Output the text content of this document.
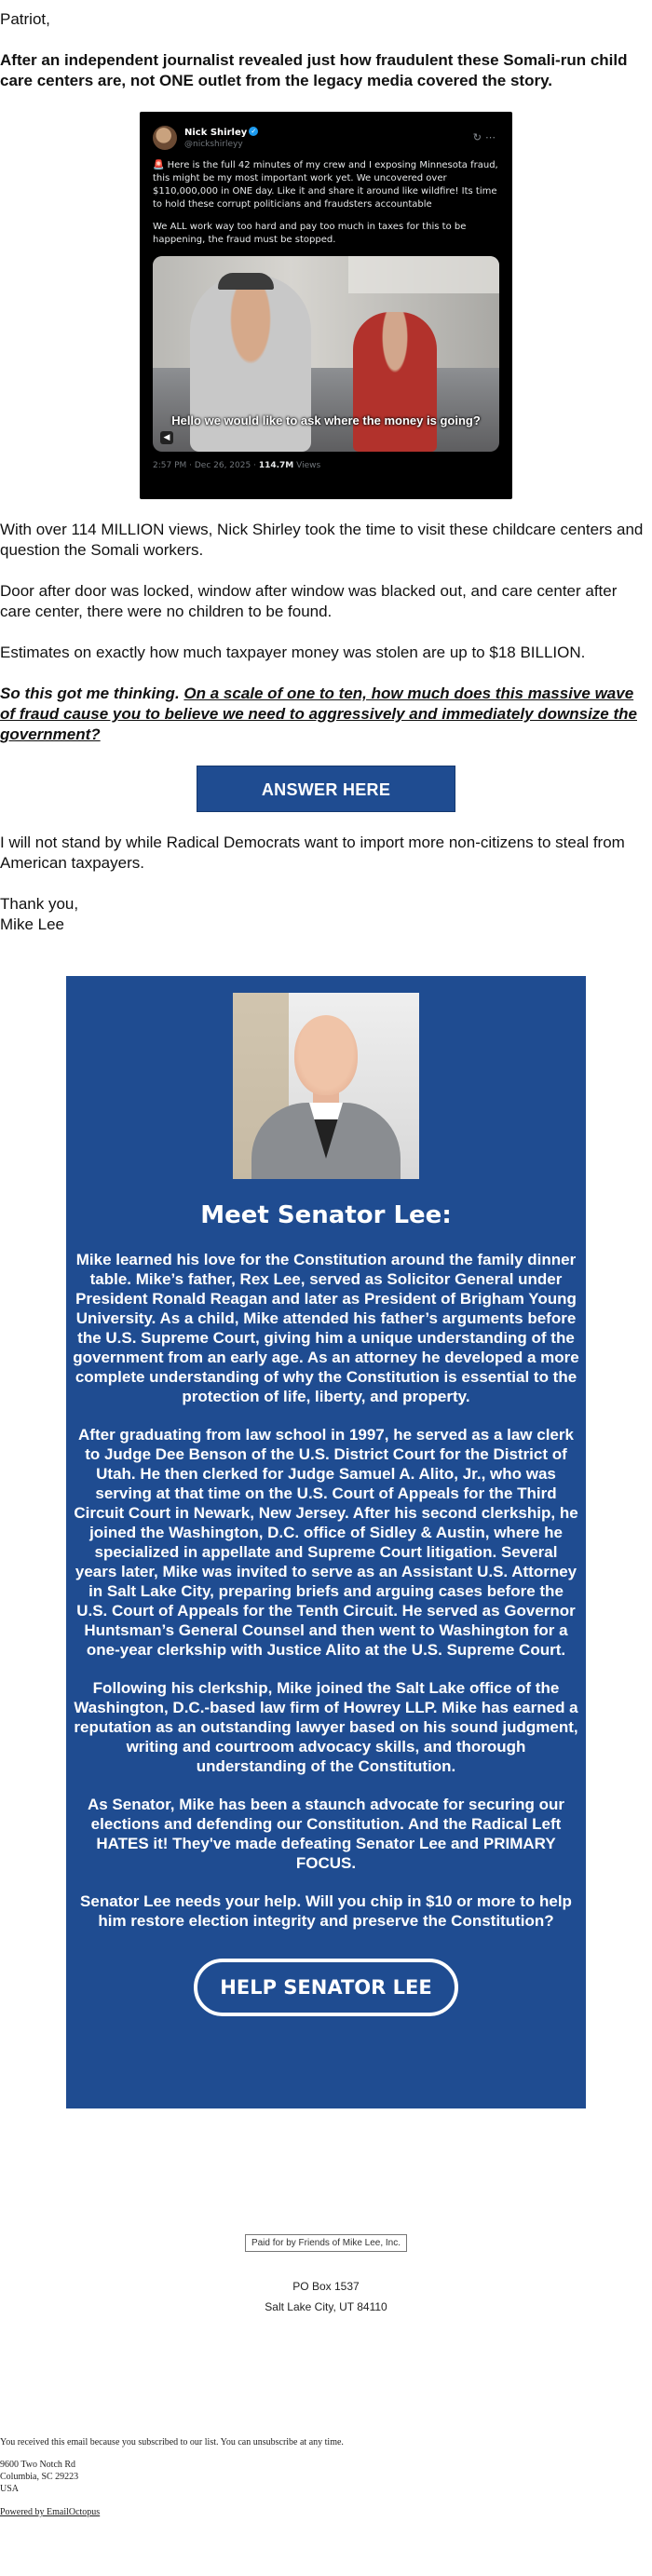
Patriot,

After an independent journalist revealed just how fraudulent these Somali-run child care centers are, not ONE outlet from the legacy media covered the story.

Nick Shirley ✓
@nickshirleyy
↻⋯
🚨 Here is the full 42 minutes of my crew and I exposing Minnesota fraud, this might be my most important work yet. We uncovered over $110,000,000 in ONE day. Like it and share it around like wildfire! Its time to hold these corrupt politicians and fraudsters accountable
We ALL work way too hard and pay too much in taxes for this to be happening, the fraud must be stopped.
Hello we would like to ask where the money is going?
◀
2:57 PM · Dec 26, 2025 · 114.7M Views

With over 114 MILLION views, Nick Shirley took the time to visit these childcare centers and question the Somali workers.

Door after door was locked, window after window was blacked out, and care center after care center, there were no children to be found.

Estimates on exactly how much taxpayer money was stolen are up to $18 BILLION.

So this got me thinking. On a scale of one to ten, how much does this massive wave of fraud cause you to believe we need to aggressively and immediately downsize the government?

ANSWER HERE

I will not stand by while Radical Democrats want to import more non-citizens to steal from American taxpayers.

Thank you,

Mike Lee

Meet Senator Lee:

Mike learned his love for the Constitution around the family dinner table. Mike’s father, Rex Lee, served as Solicitor General under President Ronald Reagan and later as President of Brigham Young University. As a child, Mike attended his father’s arguments before the U.S. Supreme Court, giving him a unique understanding of the government from an early age. As an attorney he developed a more complete understanding of why the Constitution is essential to the protection of life, liberty, and property.

After graduating from law school in 1997, he served as a law clerk to Judge Dee Benson of the U.S. District Court for the District of Utah. He then clerked for Judge Samuel A. Alito, Jr., who was serving at that time on the U.S. Court of Appeals for the Third Circuit Court in Newark, New Jersey. After his second clerkship, he joined the Washington, D.C. office of Sidley & Austin, where he specialized in appellate and Supreme Court litigation. Several years later, Mike was invited to serve as an Assistant U.S. Attorney in Salt Lake City, preparing briefs and arguing cases before the U.S. Court of Appeals for the Tenth Circuit. He served as Governor Huntsman’s General Counsel and then went to Washington for a one-year clerkship with Justice Alito at the U.S. Supreme Court.

Following his clerkship, Mike joined the Salt Lake office of the Washington, D.C.-based law firm of Howrey LLP. Mike has earned a reputation as an outstanding lawyer based on his sound judgment, writing and courtroom advocacy skills, and thorough understanding of the Constitution.

As Senator, Mike has been a staunch advocate for securing our elections and defending our Constitution. And the Radical Left HATES it! They've made defeating Senator Lee and PRIMARY FOCUS.

Senator Lee needs your help. Will you chip in $10 or more to help him restore election integrity and preserve the Constitution?

HELP SENATOR LEE
Paid for by Friends of Mike Lee, Inc.
PO Box 1537
Salt Lake City, UT 84110
You received this email because you subscribed to our list. You can unsubscribe at any time.
9600 Two Notch Rd
Columbia, SC 29223
USA
Powered by EmailOctopus
